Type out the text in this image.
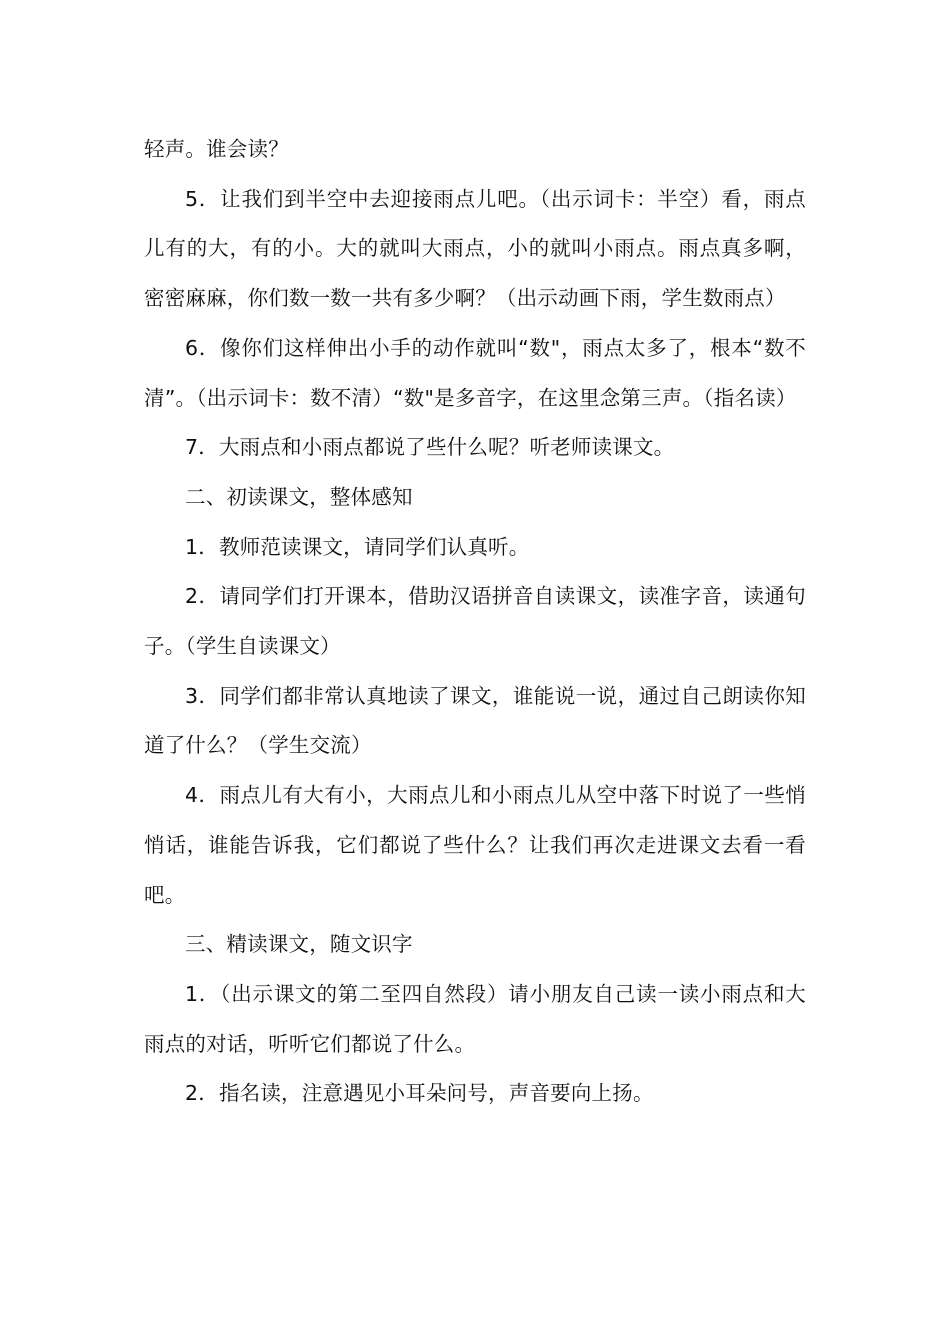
轻声。谁会读？

5．让我们到半空中去迎接雨点儿吧。（出示词卡：半空）看，雨点儿有的大，有的小。大的就叫大雨点，小的就叫小雨点。雨点真多啊，密密麻麻，你们数一数一共有多少啊？（出示动画下雨，学生数雨点）

6．像你们这样伸出小手的动作就叫“数"，雨点太多了，根本“数不清”。（出示词卡：数不清）“数"是多音字，在这里念第三声。（指名读）

7．大雨点和小雨点都说了些什么呢？听老师读课文。

二、初读课文，整体感知

1．教师范读课文，请同学们认真听。

2．请同学们打开课本，借助汉语拼音自读课文，读准字音，读通句子。（学生自读课文）

3．同学们都非常认真地读了课文，谁能说一说，通过自己朗读你知道了什么？（学生交流）

4．雨点儿有大有小，大雨点儿和小雨点儿从空中落下时说了一些悄悄话，谁能告诉我，它们都说了些什么？让我们再次走进课文去看一看吧。

三、精读课文，随文识字

1．（出示课文的第二至四自然段）请小朋友自己读一读小雨点和大雨点的对话，听听它们都说了什么。

2．指名读，注意遇见小耳朵问号，声音要向上扬。
